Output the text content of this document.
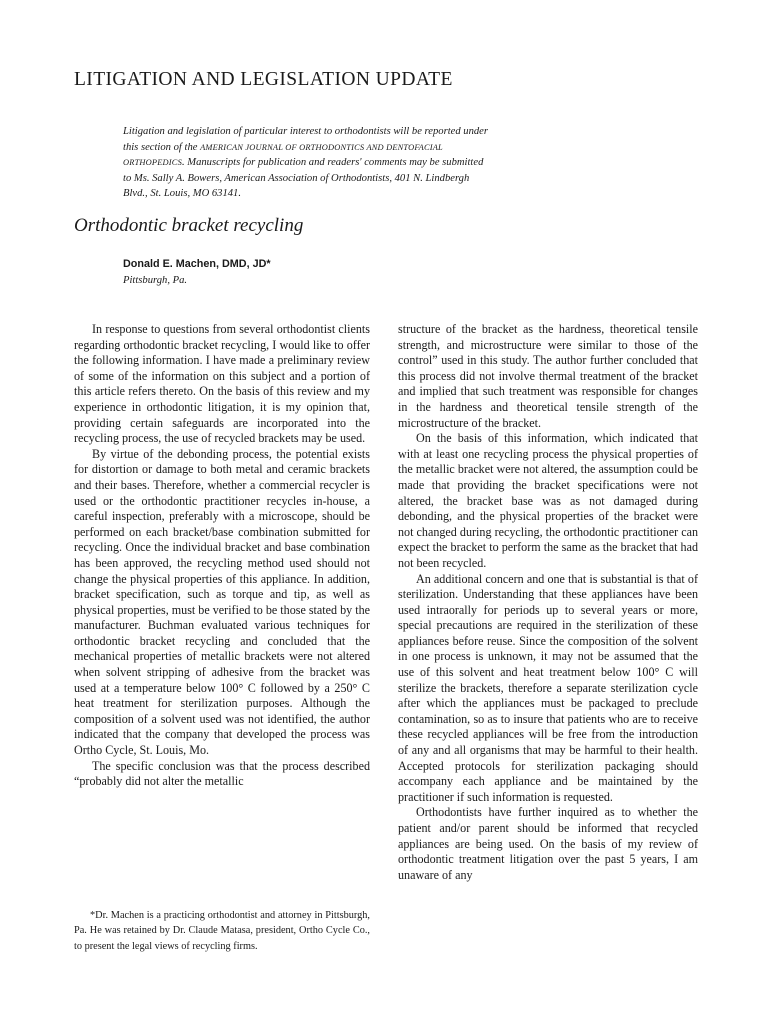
LITIGATION AND LEGISLATION UPDATE

Litigation and legislation of particular interest to orthodontists will be reported under

this section of the AMERICAN JOURNAL OF ORTHODONTICS AND DENTOFACIAL

ORTHOPEDICS. Manuscripts for publication and readers' comments may be submitted

to Ms. Sally A. Bowers, American Association of Orthodontists, 401 N. Lindbergh

Blvd., St. Louis, MO 63141.

Orthodontic bracket recycling
Donald E. Machen, DMD, JD*
Pittsburgh, Pa.

In response to questions from several orthodontist clients regarding orthodontic bracket recycling, I would like to offer the following information. I have made a preliminary review of some of the information on this subject and a portion of this article refers thereto. On the basis of this review and my experience in orthodontic litigation, it is my opinion that, providing certain safeguards are incorporated into the recycling process, the use of recycled brackets may be used.

By virtue of the debonding process, the potential exists for distortion or damage to both metal and ceramic brackets and their bases. Therefore, whether a commercial recycler is used or the orthodontic practitioner recycles in-house, a careful inspection, preferably with a microscope, should be performed on each bracket/base combination submitted for recycling. Once the individual bracket and base combination has been approved, the recycling method used should not change the physical properties of this appliance. In addition, bracket specification, such as torque and tip, as well as physical properties, must be verified to be those stated by the manufacturer. Buchman evaluated various techniques for orthodontic bracket recycling and concluded that the mechanical properties of metallic brackets were not altered when solvent stripping of adhesive from the bracket was used at a temperature below 100° C followed by a 250° C heat treatment for sterilization purposes. Although the composition of a solvent used was not identified, the author indicated that the company that developed the process was Ortho Cycle, St. Louis, Mo.

The specific conclusion was that the process described “probably did not alter the metallic

*Dr. Machen is a practicing orthodontist and attorney in Pittsburgh, Pa. He was retained by Dr. Claude Matasa, president, Ortho Cycle Co., to present the legal views of recycling firms.

structure of the bracket as the hardness, theoretical tensile strength, and microstructure were similar to those of the control” used in this study. The author further concluded that this process did not involve thermal treatment of the bracket and implied that such treatment was responsible for changes in the hardness and theoretical tensile strength of the microstructure of the bracket.

On the basis of this information, which indicated that with at least one recycling process the physical properties of the metallic bracket were not altered, the assumption could be made that providing the bracket specifications were not altered, the bracket base was as not damaged during debonding, and the physical properties of the bracket were not changed during recycling, the orthodontic practitioner can expect the bracket to perform the same as the bracket that had not been recycled.

An additional concern and one that is substantial is that of sterilization. Understanding that these appliances have been used intraorally for periods up to several years or more, special precautions are required in the sterilization of these appliances before reuse. Since the composition of the solvent in one process is unknown, it may not be assumed that the use of this solvent and heat treatment below 100° C will sterilize the brackets, therefore a separate sterilization cycle after which the appliances must be packaged to preclude contamination, so as to insure that patients who are to receive these recycled appliances will be free from the introduction of any and all organisms that may be harmful to their health. Accepted protocols for sterilization packaging should accompany each appliance and be maintained by the practitioner if such information is requested.

Orthodontists have further inquired as to whether the patient and/or parent should be informed that recycled appliances are being used. On the basis of my review of orthodontic treatment litigation over the past 5 years, I am unaware of any
